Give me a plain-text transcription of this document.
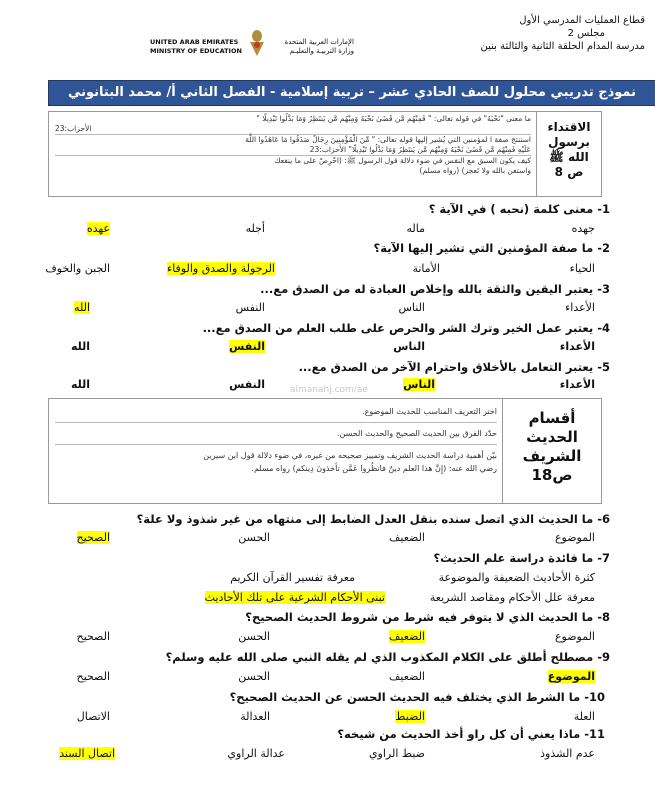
قطاع العمليات المدرسي الأول
مجلس 2
مدرسة المدام الحلقة الثانية والثالثة بنين
الإمارات العربية المتحدة
وزارة التربيـة والتعليـم
UNITED ARAB EMIRATES
MINISTRY OF EDUCATION
نموذج تدريبي محلول للصف الحادي عشر – تربية إسلامية - الفصل الثاني أ/ محمد البتانوني
ما معنى "نَحْبَهُ" في قوله تعالى: " فَمِنْهُم مَّن قَضَىٰ نَحْبَهُ وَمِنْهُم مَّن يَنتَظِرُ وَمَا بَدَّلُوا تَبْدِيلًا "
الأحزاب:23
استنتج صفة ا لمؤمنين التي يُشير إليها قوله تعالى: " مِّنَ الْمُؤْمِنِينَ رِجَالٌ صَدَقُوا مَا عَاهَدُوا اللَّهَ
عَلَيْهِ فَمِنْهُم مَّن قَضَىٰ نَحْبَهُ وَمِنْهُم مَّن يَنتَظِرُ وَمَا بَدَّلُوا تَبْدِيلًا" الأحزاب:23
كيف يكون السبق مع النفس في ضوء دلالة قول الرسول ﷺ: (احْرِصْ على ما ينفعك
واستعن بالله ولا تَعجز) (رواه مسلم)
الاقتداء
برسول
الله ﷺ
ص 8
1- معنى كلمة (نحبه ) في الآية ؟
عهده	أجله	ماله	جهده
2- ما صفة المؤمنين التي تشير إليها الآية؟
الجبن والخوف	الرجولة والصدق والوفاء	الأمانة	الحياء
3- يعتبر اليقين والثقة بالله وإخلاص العبادة له من الصدق مع...
الله	النفس	الناس	الأعداء
4- يعتبر عمل الخير وترك الشر والحرص على طلب العلم من الصدق مع...
الله	النفس	الناس	الأعداء
5- يعتبر التعامل بالأخلاق واحترام الآخر من الصدق مع...
الله	النفس	الناس	الأعداء
almanahj.com/ae
اختر التعريف المناسب للحديث الموضوع.
حدّد الفرق بين الحديث الصحيح والحديث الحسن.
بيّن أهمية دراسة الحديث الشريف وتمييز صحيحه من غيره، في ضوء دلالة قول ابن سيرين
رضي الله عنه: (إِنَّ هذا العلم دينٌ فانظُروا عَمَّن تأخذونَ دِينكم) رواه مسلم.
أقسام
الحديث
الشريف
ص18
6- ما الحديث الذي اتصل سنده بنقل العدل الضابط إلى منتهاه من غير شذوذ ولا علة؟
الصحيح	الحسن	الضعيف	الموضوع
7- ما فائدة دراسة علم الحديث؟
معرفة تفسير القرآن الكريم	كثرة الأحاديث الضعيفة والموضوعة
تبنى الأحكام الشرعية على تلك الأحاديث	معرفة علل الأحكام ومقاصد الشريعة
8- ما الحديث الذي لا يتوفر فيه شرط من شروط الحديث الصحيح؟
الصحيح	الحسن	الضعيف	الموضوع
9- مصطلح أطلق على الكلام المكذوب الذي لم يقله النبي صلى الله عليه وسلم؟
الصحيح	الحسن	الضعيف	الموضوع
10- ما الشرط الذي يختلف فيه الحديث الحسن عن الحديث الصحيح؟
الاتصال	العدالة	الضبط	العلة
11- ماذا يعني أن كل راو أخذ الحديث من شيخه؟
اتصال السند	عدالة الراوي	ضبط الراوي	عدم الشذوذ
